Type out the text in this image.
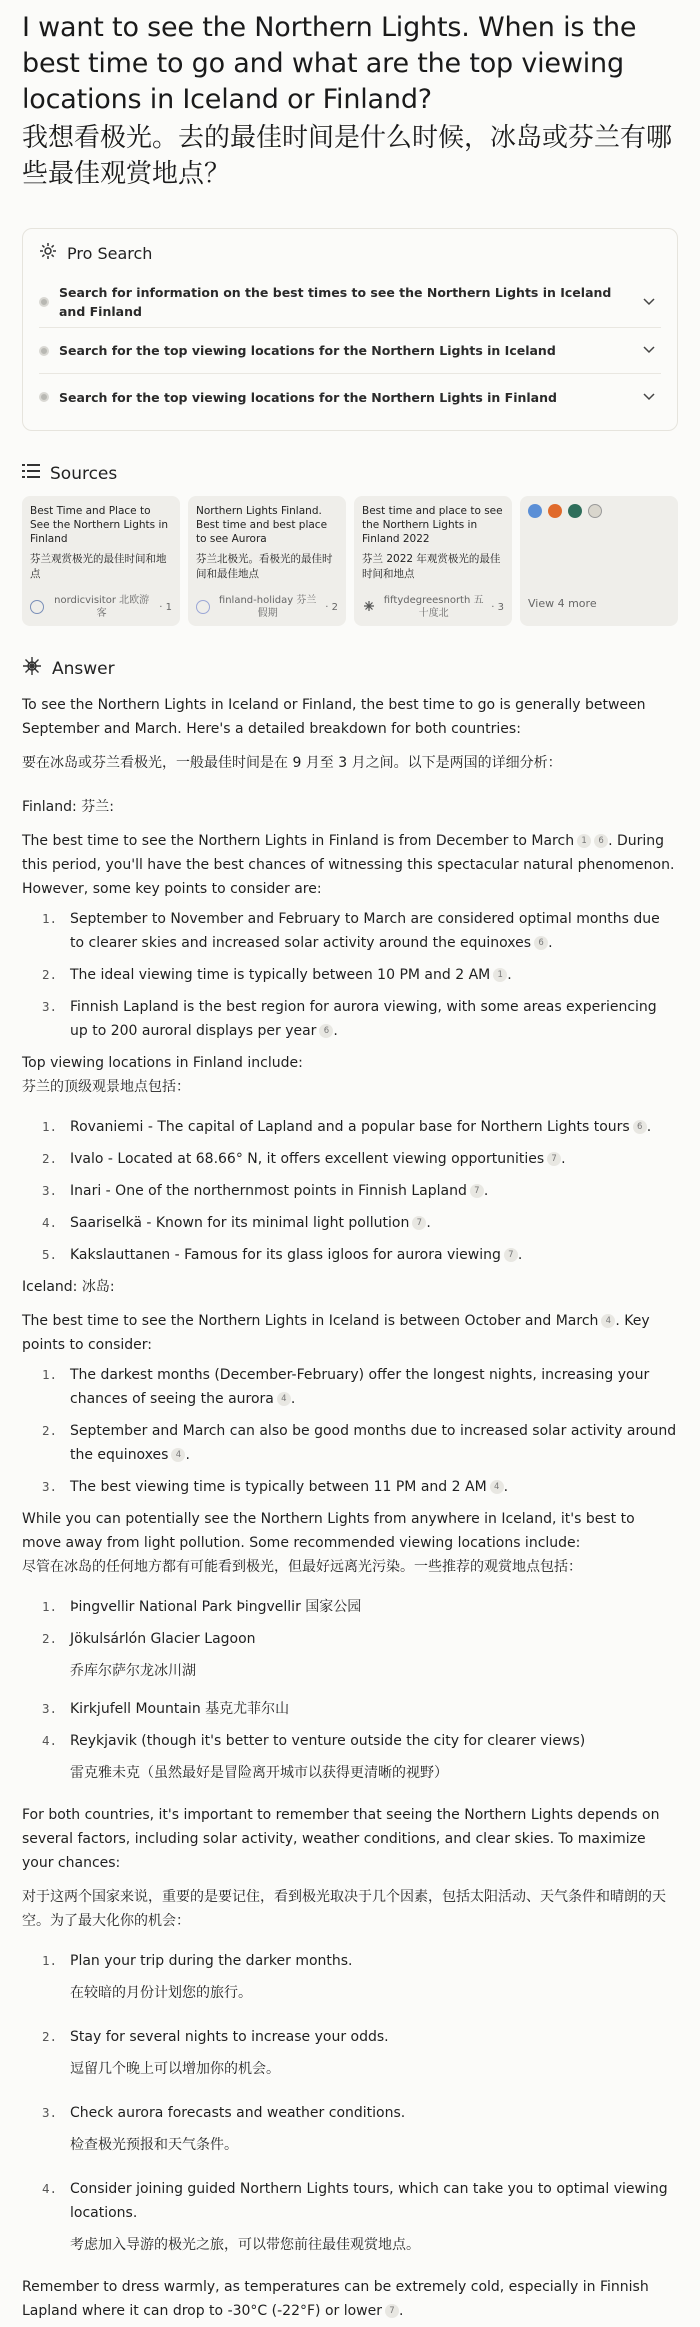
I want to see the Northern Lights. When is the best time to go and what are the top viewing locations in Iceland or Finland?
我想看极光。去的最佳时间是什么时候，冰岛或芬兰有哪些最佳观赏地点？
Pro Search
Search for information on the best times to see the Northern Lights in Iceland and Finland
Search for the top viewing locations for the Northern Lights in Iceland
Search for the top viewing locations for the Northern Lights in Finland
Sources
Best Time and Place to See the Northern Lights in Finland
芬兰观赏极光的最佳时间和地点
nordicvisitor 北欧游客
· 1
Northern Lights Finland. Best time and best place to see Aurora
芬兰北极光。看极光的最佳时间和最佳地点
finland-holiday 芬兰假期
· 2
Best time and place to see the Northern Lights in Finland 2022
芬兰 2022 年观赏极光的最佳时间和地点
fiftydegreesnorth 五十度北
· 3 View 4 more
Answer

To see the Northern Lights in Iceland or Finland, the best time to go is generally between September and March. Here's a detailed breakdown for both countries:

要在冰岛或芬兰看极光，一般最佳时间是在 9 月至 3 月之间。以下是两国的详细分析：

Finland: 芬兰:

The best time to see the Northern Lights in Finland is from December to March 1 6 . During this period, you'll have the best chances of witnessing this spectacular natural phenomenon. However, some key points to consider are:

1. September to November and February to March are considered optimal months due to clearer skies and increased solar activity around the equinoxes 6 .
2. The ideal viewing time is typically between 10 PM and 2 AM 1 .
3. Finnish Lapland is the best region for aurora viewing, with some areas experiencing up to 200 auroral displays per year 6 .

Top viewing locations in Finland include:

芬兰的顶级观景地点包括：

1. Rovaniemi - The capital of Lapland and a popular base for Northern Lights tours 6 .
2. Ivalo - Located at 68.66° N, it offers excellent viewing opportunities 7 .
3. Inari - One of the northernmost points in Finnish Lapland 7 .
4. Saariselkä - Known for its minimal light pollution 7 .
5. Kakslauttanen - Famous for its glass igloos for aurora viewing 7 .

Iceland: 冰岛:

The best time to see the Northern Lights in Iceland is between October and March 4 . Key points to consider:

1. The darkest months (December-February) offer the longest nights, increasing your chances of seeing the aurora 4 .
2. September and March can also be good months due to increased solar activity around the equinoxes 4 .
3. The best viewing time is typically between 11 PM and 2 AM 4 .

While you can potentially see the Northern Lights from anywhere in Iceland, it's best to move away from light pollution. Some recommended viewing locations include:

尽管在冰岛的任何地方都有可能看到极光，但最好远离光污染。一些推荐的观赏地点包括：

1. Þingvellir National Park Þingvellir 国家公园
2. Jökulsárlón Glacier Lagoon
乔库尔萨尔龙冰川湖
3. Kirkjufell Mountain 基克尤菲尔山
4. Reykjavik (though it's better to venture outside the city for clearer views)
雷克雅未克（虽然最好是冒险离开城市以获得更清晰的视野）

For both countries, it's important to remember that seeing the Northern Lights depends on several factors, including solar activity, weather conditions, and clear skies. To maximize your chances:

对于这两个国家来说，重要的是要记住，看到极光取决于几个因素，包括太阳活动、天气条件和晴朗的天空。为了最大化你的机会：

1. Plan your trip during the darker months.
在较暗的月份计划您的旅行。
2. Stay for several nights to increase your odds.
逗留几个晚上可以增加你的机会。
3. Check aurora forecasts and weather conditions.
检查极光预报和天气条件。
4. Consider joining guided Northern Lights tours, which can take you to optimal viewing locations.
考虑加入导游的极光之旅，可以带您前往最佳观赏地点。

Remember to dress warmly, as temperatures can be extremely cold, especially in Finnish Lapland where it can drop to -30°C (-22°F) or lower 7 .
